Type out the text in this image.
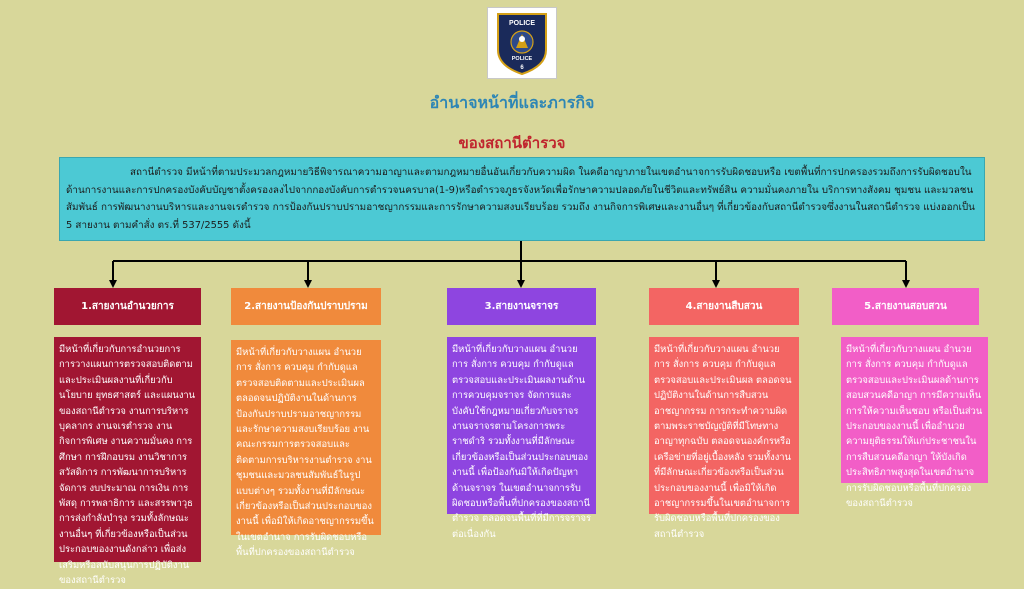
POLICE
POLICE
6
อำนาจหน้าที่และภารกิจ
ของสถานีตำรวจ
สถานีตำรวจ มีหน้าที่ตามประมวลกฎหมายวิธีพิจารณาความอาญาและตามกฎหมายอื่นอันเกี่ยวกับความผิด ในคดีอาญาภายในเขตอำนาจการรับผิดชอบหรือ เขตพื้นที่การปกครองรวมถึงการรับผิดชอบในด้านการงานและการปกครองบังคับบัญชาตั้งครองลงไปจากกองบังคับการตำรวจนครบาล(1-9)หรือตำรวจภูธรจังหวัดเพื่อรักษาความปลอดภัยในชีวิตและทรัพย์สิน ความมั่นคงภายใน บริการทางสังคม ชุมชน และมวลชนสัมพันธ์ การพัฒนางานบริหารและงานจเรตำรวจ การป้องกันปราบปรามอาชญากรรมและการรักษาความสงบเรียบร้อย รวมถึง งานกิจการพิเศษและงานอื่นๆ ที่เกี่ยวข้องกับสถานีตำรวจซึ่งงานในสถานีตำรวจ แบ่งออกเป็น 5 สายงาน ตามคำสั่ง ตร.ที่ 537/2555 ดังนี้
1.สายงานอำนวยการ	2.สายงานป้องกันปราบปราม	3.สายงานจราจร	4.สายงานสืบสวน	5.สายงานสอบสวน
มีหน้าที่เกี่ยวกับการอำนวยการ การวางแผนการตรวจสอบติดตามและประเมินผลงานที่เกี่ยวกับนโยบาย ยุทธศาสตร์ และแผนงานของสถานีตำรวจ งานการบริหารบุคลากร งานจเรตำรวจ งานกิจการพิเศษ งานความมั่นคง การศึกษา การฝึกอบรม งานวิชาการ สวัสดิการ การพัฒนาการบริหารจัดการ งบประมาณ การเงิน การพัสดุ การพลาธิการ และสรรพาวุธ การส่งกำลังบำรุง รวมทั้งลักษณะงานอื่นๆ ที่เกี่ยวข้องหรือเป็นส่วนประกอบของงานดังกล่าว เพื่อส่งเสริมหรือสนับสนุนการปฏิบัติงานของสถานีตำรวจ
มีหน้าที่เกี่ยวกับวางแผน อำนวยการ สั่งการ ควบคุม กำกับดูแล ตรวจสอบติดตามและประเมินผล ตลอดจนปฏิบัติงานในด้านการป้องกันปราบปรามอาชญากรรมและรักษาความสงบเรียบร้อย งานคณะกรรมการตรวจสอบและติดตามการบริหารงานตำรวจ งานชุมชนและมวลชนสัมพันธ์ในรูปแบบต่างๆ รวมทั้งงานที่มีลักษณะเกี่ยวข้องหรือเป็นส่วนประกอบของงานนี้ เพื่อมิให้เกิดอาชญากรรมขึ้นในเขตอำนาจ การรับผิดชอบหรือพื้นที่ปกครองของสถานีตำรวจ
มีหน้าที่เกี่ยวกับวางแผน อำนวยการ สั่งการ ควบคุม กำกับดูแล ตรวจสอบและประเมินผลงานด้านการควบคุมจราจร จัดการและบังคับใช้กฎหมายเกี่ยวกับจราจร งานจราจรตามโครงการพระราชดำริ รวมทั้งงานที่มีลักษณะเกี่ยวข้องหรือเป็นส่วนประกอบของงานนี้ เพื่อป้องกันมิให้เกิดปัญหาด้านจราจร ในเขตอำนาจการรับผิดชอบหรือพื้นที่ปกครองของสถานีตำรวจ ตลอดจนพื้นที่ที่มีการจราจรต่อเนื่องกัน
มีหน้าที่เกี่ยวกับวางแผน อำนวยการ สั่งการ ควบคุม กำกับดูแล ตรวจสอบและประเมินผล ตลอดจนปฏิบัติงานในด้านการสืบสวน อาชญากรรม การกระทำความผิดตามพระราชบัญญัติที่มีโทษทางอาญาทุกฉบับ ตลอดจนองค์กรหรือเครือข่ายที่อยู่เบื้องหลัง รวมทั้งงานที่มีลักษณะเกี่ยวข้องหรือเป็นส่วนประกอบของงานนี้ เพื่อมิให้เกิดอาชญากรรมขึ้นในเขตอำนาจการรับผิดชอบหรือพื้นที่ปกครองของสถานีตำรวจ
มีหน้าที่เกี่ยวกับวางแผน อำนวยการ สั่งการ ควบคุม กำกับดูแล ตรวจสอบและประเมินผลด้านการสอบสวนคดีอาญา การมีความเห็น การให้ความเห็นชอบ หรือเป็นส่วนประกอบของงานนี้ เพื่ออำนวยความยุติธรรมให้แก่ประชาชนในการสืบสวนคดีอาญา ให้บังเกิดประสิทธิภาพสูงสุดในเขตอำนาจการรับผิดชอบหรือพื้นที่ปกครองของสถานีตำรวจ
